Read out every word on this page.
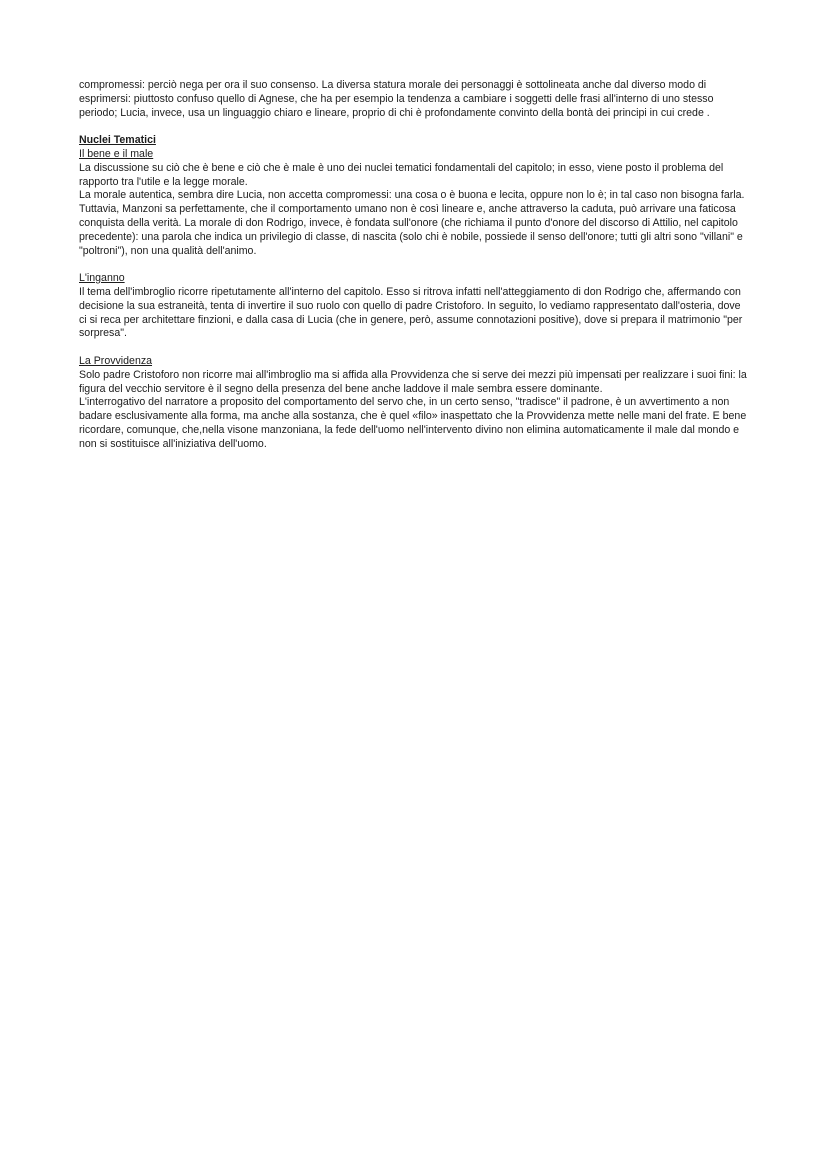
compromessi: perciò nega per ora il suo consenso. La diversa statura morale dei personaggi è sottolineata anche dal diverso modo di esprimersi: piuttosto confuso quello di Agnese, che ha per esempio la tendenza a cambiare i soggetti delle frasi all'interno di uno stesso periodo; Lucia, invece, usa un linguaggio chiaro e lineare, proprio di chi è profondamente convinto della bontà dei principi in cui crede .

Nuclei Tematici

Il bene e il male

La discussione su ciò che è bene e ciò che è male è uno dei nuclei tematici fondamentali del capitolo; in esso, viene posto il problema del rapporto tra l'utile e la legge morale.

La morale autentica, sembra dire Lucia, non accetta compromessi: una cosa o è buona e lecita, oppure non lo è; in tal caso non bisogna farla. Tuttavia, Manzoni sa perfettamente, che il comportamento umano non è così lineare e, anche attraverso la caduta, può arrivare una faticosa conquista della verità. La morale di don Rodrigo, invece, è fondata sull'onore (che richiama il punto d'onore del discorso di Attilio, nel capitolo precedente): una parola che indica un privilegio di classe, di nascita (solo chi è nobile, possiede il senso dell'onore; tutti gli altri sono "villani" e "poltroni"), non una qualità dell'animo.

L'inganno

Il tema dell'imbroglio ricorre ripetutamente all'interno del capitolo. Esso si ritrova infatti nell'atteggiamento di don Rodrigo che, affermando con decisione la sua estraneità, tenta di invertire il suo ruolo con quello di padre Cristoforo. In seguito, lo vediamo rappresentato dall'osteria, dove ci si reca per architettare finzioni, e dalla casa di Lucia (che in genere, però, assume connotazioni positive), dove si prepara il matrimonio "per sorpresa".

La Provvidenza

Solo padre Cristoforo non ricorre mai all'imbroglio ma si affida alla Provvidenza che si serve dei mezzi più impensati per realizzare i suoi fini: la figura del vecchio servitore è il segno della presenza del bene anche laddove il male sembra essere dominante.

L'interrogativo del narratore a proposito del comportamento del servo che, in un certo senso, "tradisce" il padrone, è un avvertimento a non badare esclusivamente alla forma, ma anche alla sostanza, che è quel «filo» inaspettato che la Provvidenza mette nelle mani del frate. E bene ricordare, comunque, che,nella visone manzoniana, la fede dell'uomo nell'intervento divino non elimina automaticamente il male dal mondo e non si sostituisce all'iniziativa dell'uomo.
